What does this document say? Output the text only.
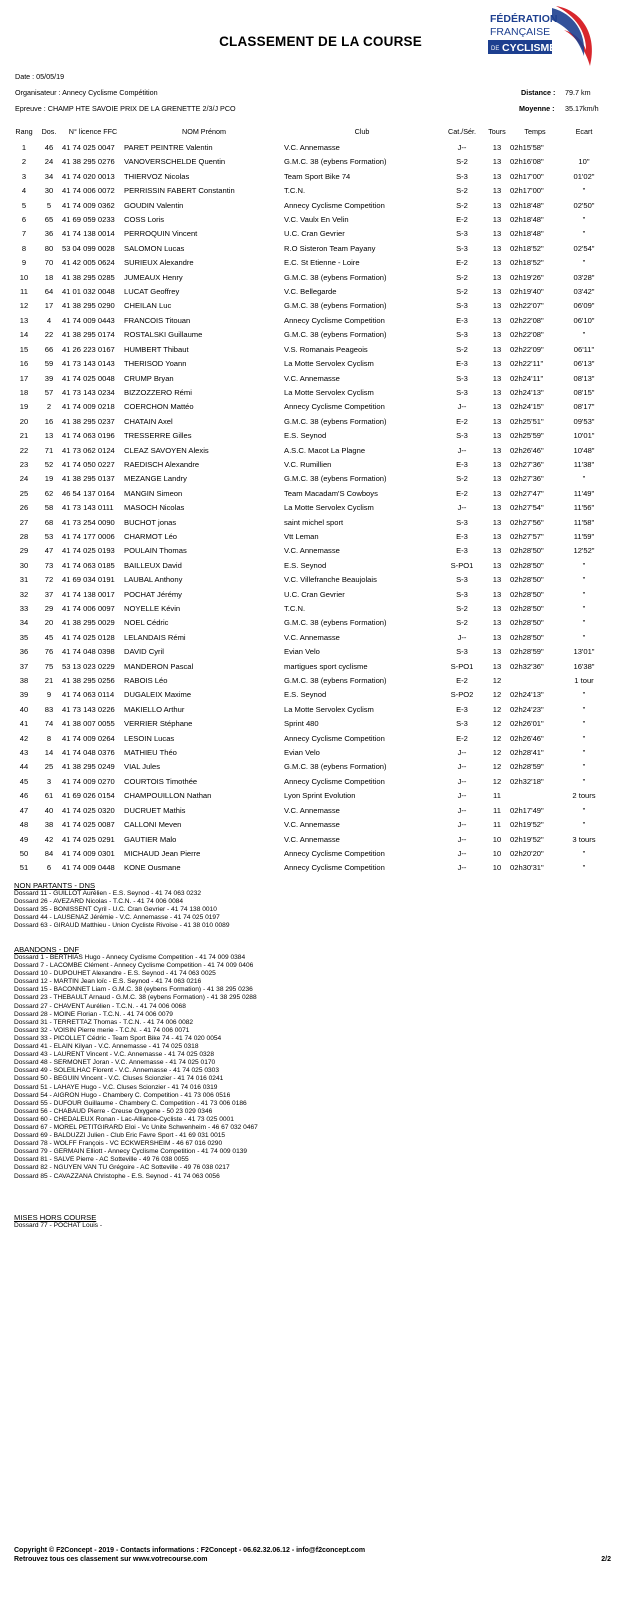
CLASSEMENT DE LA COURSE
FÉDÉRATION
FRANÇAISE
DE CYCLISME
Date : 05/05/19
Organisateur : Annecy Cyclisme Compétition
Epreuve : CHAMP HTE SAVOIE PRIX DE LA GRENETTE 2/3/J PCO
Distance : 79.7 km
Moyenne : 35.17km/h
Rang	Dos.	N° licence FFC	NOM Prénom	Club	Cat./Sér.	Tours	Temps	Ecart
1	46	41 74 025 0047	PARET PEINTRE Valentin	V.C. Annemasse	J--	13	02h15'58"	
2	24	41 38 295 0276	VANOVERSCHELDE Quentin	G.M.C. 38 (eybens Formation)	S-2	13	02h16'08"	10"
3	34	41 74 020 0013	THIERVOZ Nicolas	Team Sport Bike 74	S-3	13	02h17'00"	01'02"
4	30	41 74 006 0072	PERRISSIN FABERT Constantin	T.C.N.	S-2	13	02h17'00"	"
5	5	41 74 009 0362	GOUDIN Valentin	Annecy Cyclisme Competition	S-2	13	02h18'48"	02'50"
6	65	41 69 059 0233	COSS Loris	V.C. Vaulx En Velin	E-2	13	02h18'48"	"
7	36	41 74 138 0014	PERROQUIN Vincent	U.C. Cran Gevrier	S-3	13	02h18'48"	"
8	80	53 04 099 0028	SALOMON Lucas	R.O Sisteron Team Payany	S-3	13	02h18'52"	02'54"
9	70	41 42 005 0624	SURIEUX Alexandre	E.C. St Etienne - Loire	E-2	13	02h18'52"	"
10	18	41 38 295 0285	JUMEAUX Henry	G.M.C. 38 (eybens Formation)	S-2	13	02h19'26"	03'28"
11	64	41 01 032 0048	LUCAT Geoffrey	V.C. Bellegarde	S-2	13	02h19'40"	03'42"
12	17	41 38 295 0290	CHEILAN Luc	G.M.C. 38 (eybens Formation)	S-3	13	02h22'07"	06'09"
13	4	41 74 009 0443	FRANCOIS Titouan	Annecy Cyclisme Competition	E-3	13	02h22'08"	06'10"
14	22	41 38 295 0174	ROSTALSKI Guillaume	G.M.C. 38 (eybens Formation)	S-3	13	02h22'08"	"
15	66	41 26 223 0167	HUMBERT Thibaut	V.S. Romanais Peageois	S-2	13	02h22'09"	06'11"
16	59	41 73 143 0143	THERISOD Yoann	La Motte Servolex Cyclism	E-3	13	02h22'11"	06'13"
17	39	41 74 025 0048	CRUMP Bryan	V.C. Annemasse	S-3	13	02h24'11"	08'13"
18	57	41 73 143 0234	BIZZOZZERO Rémi	La Motte Servolex Cyclism	S-3	13	02h24'13"	08'15"
19	2	41 74 009 0218	COERCHON Mattéo	Annecy Cyclisme Competition	J--	13	02h24'15"	08'17"
20	16	41 38 295 0237	CHATAIN Axel	G.M.C. 38 (eybens Formation)	E-2	13	02h25'51"	09'53"
21	13	41 74 063 0196	TRESSERRE Gilles	E.S. Seynod	S-3	13	02h25'59"	10'01"
22	71	41 73 062 0124	CLEAZ SAVOYEN Alexis	A.S.C. Macot La Plagne	J--	13	02h26'46"	10'48"
23	52	41 74 050 0227	RAEDISCH Alexandre	V.C. Rumillien	E-3	13	02h27'36"	11'38"
24	19	41 38 295 0137	MEZANGE Landry	G.M.C. 38 (eybens Formation)	S-2	13	02h27'36"	"
25	62	46 54 137 0164	MANGIN Simeon	Team Macadam'S Cowboys	E-2	13	02h27'47"	11'49"
26	58	41 73 143 0111	MASOCH Nicolas	La Motte Servolex Cyclism	J--	13	02h27'54"	11'56"
27	68	41 73 254 0090	BUCHOT jonas	saint michel sport	S-3	13	02h27'56"	11'58"
28	53	41 74 177 0006	CHARMOT Léo	Vtt Leman	E-3	13	02h27'57"	11'59"
29	47	41 74 025 0193	POULAIN Thomas	V.C. Annemasse	E-3	13	02h28'50"	12'52"
30	73	41 74 063 0185	BAILLEUX David	E.S. Seynod	S-PO1	13	02h28'50"	"
31	72	41 69 034 0191	LAUBAL Anthony	V.C. Villefranche Beaujolais	S-3	13	02h28'50"	"
32	37	41 74 138 0017	POCHAT Jérémy	U.C. Cran Gevrier	S-3	13	02h28'50"	"
33	29	41 74 006 0097	NOYELLE Kévin	T.C.N.	S-2	13	02h28'50"	"
34	20	41 38 295 0029	NOEL Cédric	G.M.C. 38 (eybens Formation)	S-2	13	02h28'50"	"
35	45	41 74 025 0128	LELANDAIS Rémi	V.C. Annemasse	J--	13	02h28'50"	"
36	76	41 74 048 0398	DAVID Cyril	Evian Velo	S-3	13	02h28'59"	13'01"
37	75	53 13 023 0229	MANDERON Pascal	martigues sport cyclisme	S-PO1	13	02h32'36"	16'38"
38	21	41 38 295 0256	RABOIS Léo	G.M.C. 38 (eybens Formation)	E-2	12		1 tour
39	9	41 74 063 0114	DUGALEIX Maxime	E.S. Seynod	S-PO2	12	02h24'13"	"
40	83	41 73 143 0226	MAKIELLO Arthur	La Motte Servolex Cyclism	E-3	12	02h24'23"	"
41	74	41 38 007 0055	VERRIER Stéphane	Sprint 480	S-3	12	02h26'01"	"
42	8	41 74 009 0264	LESOIN Lucas	Annecy Cyclisme Competition	E-2	12	02h26'46"	"
43	14	41 74 048 0376	MATHIEU Théo	Evian Velo	J--	12	02h28'41"	"
44	25	41 38 295 0249	VIAL Jules	G.M.C. 38 (eybens Formation)	J--	12	02h28'59"	"
45	3	41 74 009 0270	COURTOIS Timothée	Annecy Cyclisme Competition	J--	12	02h32'18"	"
46	61	41 69 026 0154	CHAMPOUILLON Nathan	Lyon Sprint Evolution	J--	11		2 tours
47	40	41 74 025 0320	DUCRUET Mathis	V.C. Annemasse	J--	11	02h17'49"	"
48	38	41 74 025 0087	CALLONI Meven	V.C. Annemasse	J--	11	02h19'52"	"
49	42	41 74 025 0291	GAUTIER Malo	V.C. Annemasse	J--	10	02h19'52"	3 tours
50	84	41 74 009 0301	MICHAUD Jean Pierre	Annecy Cyclisme Competition	J--	10	02h20'20"	"
51	6	41 74 009 0448	KONE Ousmane	Annecy Cyclisme Competition	J--	10	02h30'31"	"
NON PARTANTS - DNS
Dossard 11 - GUILLOT Aurélien - E.S. Seynod - 41 74 063 0232
Dossard 26 - AVEZARD Nicolas - T.C.N. - 41 74 006 0084
Dossard 35 - BONISSENT Cyril - U.C. Cran Gevrier - 41 74 138 0010
Dossard 44 - LAUSENAZ Jérémie - V.C. Annemasse - 41 74 025 0197
Dossard 63 - GIRAUD Matthieu - Union Cycliste Rivoise - 41 38 010 0089
ABANDONS - DNF
Dossard 1 - BERTHIAS Hugo - Annecy Cyclisme Competition - 41 74 009 0384
Dossard 7 - LACOMBE Clément - Annecy Cyclisme Competition - 41 74 009 0406
Dossard 10 - DUPOUHET Alexandre - E.S. Seynod - 41 74 063 0025
Dossard 12 - MARTIN Jean loïc - E.S. Seynod - 41 74 063 0216
Dossard 15 - BACONNET Liam - G.M.C. 38 (eybens Formation) - 41 38 295 0236
Dossard 23 - THEBAULT Arnaud - G.M.C. 38 (eybens Formation) - 41 38 295 0288
Dossard 27 - CHAVENT Aurélien - T.C.N. - 41 74 006 0068
Dossard 28 - MOINE Florian - T.C.N. - 41 74 006 0079
Dossard 31 - TERRETTAZ Thomas - T.C.N. - 41 74 006 0082
Dossard 32 - VOISIN Pierre merie - T.C.N. - 41 74 006 0071
Dossard 33 - PICOLLET Cédric - Team Sport Bike 74 - 41 74 020 0054
Dossard 41 - ELAIN Kilyan - V.C. Annemasse - 41 74 025 0318
Dossard 43 - LAURENT Vincent - V.C. Annemasse - 41 74 025 0328
Dossard 48 - SERMONET Joran - V.C. Annemasse - 41 74 025 0170
Dossard 49 - SOLEILHAC Florent - V.C. Annemasse - 41 74 025 0303
Dossard 50 - BEGUIN Vincent - V.C. Cluses Scionzier - 41 74 016 0241
Dossard 51 - LAHAYE Hugo - V.C. Cluses Scionzier - 41 74 016 0319
Dossard 54 - AIGRON Hugo - Chambery C. Competition - 41 73 006 0516
Dossard 55 - DUFOUR Guillaume - Chambery C. Competition - 41 73 006 0186
Dossard 56 - CHABAUD Pierre - Creuse Oxygene - 50 23 029 0346
Dossard 60 - CHEDALEUX Ronan - Lac-Alliance-Cycliste - 41 73 025 0001
Dossard 67 - MOREL PETITGIRARD Eloi - Vc Unite Schwenheim - 46 67 032 0467
Dossard 69 - BALDUZZI Julien - Club Eric Favre Sport - 41 69 031 0015
Dossard 78 - WOLFF François - VC ECKWERSHEIM - 46 67 016 0290
Dossard 79 - GERMAIN Elliott - Annecy Cyclisme Competition - 41 74 009 0139
Dossard 81 - SALVE Pierre - AC Sotteville - 49 76 038 0055
Dossard 82 - NGUYEN VAN TU Grégoire - AC Sotteville - 49 76 038 0217
Dossard 85 - CAVAZZANA Christophe - E.S. Seynod - 41 74 063 0056
MISES HORS COURSE
Dossard 77 - POCHAT Louis -
Copyright © F2Concept - 2019 - Contacts informations : F2Concept - 06.62.32.06.12 - info@f2concept.com
Retrouvez tous ces classement sur www.votrecourse.com	2/2
